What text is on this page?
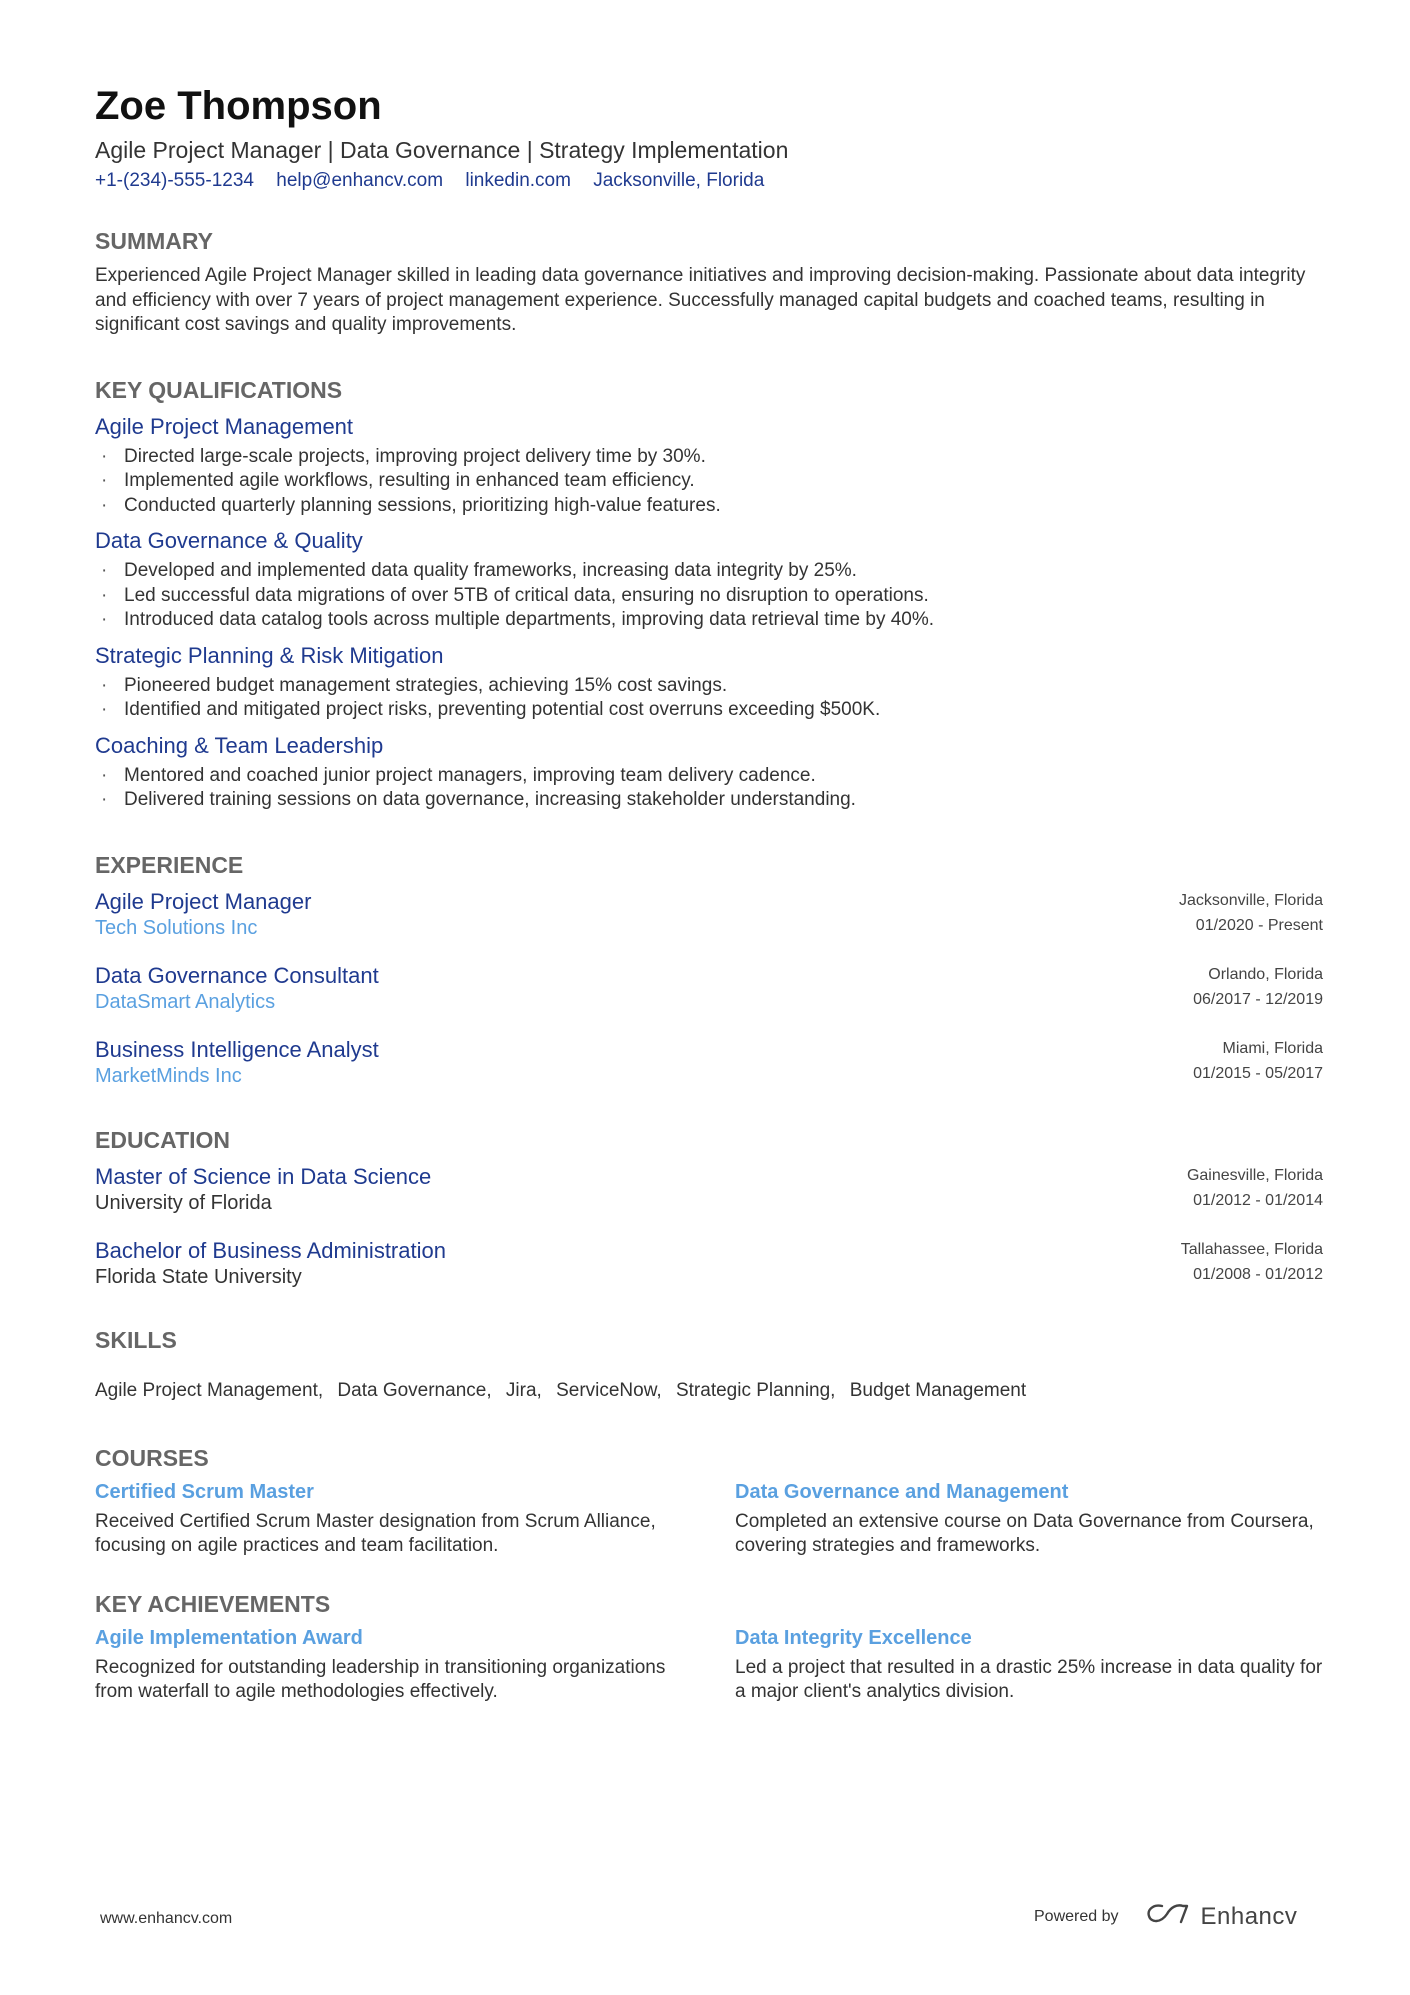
Zoe Thompson
Agile Project Manager | Data Governance | Strategy Implementation
+1-(234)-555-1234 help@enhancv.com linkedin.com Jacksonville, Florida
SUMMARY
Experienced Agile Project Manager skilled in leading data governance initiatives and improving decision-making. Passionate about data integrity and efficiency with over 7 years of project management experience. Successfully managed capital budgets and coached teams, resulting in significant cost savings and quality improvements.
KEY QUALIFICATIONS
Agile Project Management
· Directed large-scale projects, improving project delivery time by 30%.
· Implemented agile workflows, resulting in enhanced team efficiency.
· Conducted quarterly planning sessions, prioritizing high-value features.
Data Governance & Quality
· Developed and implemented data quality frameworks, increasing data integrity by 25%.
· Led successful data migrations of over 5TB of critical data, ensuring no disruption to operations.
· Introduced data catalog tools across multiple departments, improving data retrieval time by 40%.
Strategic Planning & Risk Mitigation
· Pioneered budget management strategies, achieving 15% cost savings.
· Identified and mitigated project risks, preventing potential cost overruns exceeding $500K.
Coaching & Team Leadership
· Mentored and coached junior project managers, improving team delivery cadence.
· Delivered training sessions on data governance, increasing stakeholder understanding.
EXPERIENCE
Agile Project Manager
Tech Solutions Inc
Jacksonville, Florida
01/2020 - Present
Data Governance Consultant
DataSmart Analytics
Orlando, Florida
06/2017 - 12/2019
Business Intelligence Analyst
MarketMinds Inc
Miami, Florida
01/2015 - 05/2017
EDUCATION
Master of Science in Data Science
University of Florida
Gainesville, Florida
01/2012 - 01/2014
Bachelor of Business Administration
Florida State University
Tallahassee, Florida
01/2008 - 01/2012
SKILLS
Agile Project Management, Data Governance, Jira, ServiceNow, Strategic Planning, Budget Management
COURSES
Certified Scrum Master
Received Certified Scrum Master designation from Scrum Alliance, focusing on agile practices and team facilitation.
Data Governance and Management
Completed an extensive course on Data Governance from Coursera, covering strategies and frameworks.
KEY ACHIEVEMENTS
Agile Implementation Award
Recognized for outstanding leadership in transitioning organizations from waterfall to agile methodologies effectively.
Data Integrity Excellence
Led a project that resulted in a drastic 25% increase in data quality for a major client's analytics division.
www.enhancv.com	Powered by	Enhancv
